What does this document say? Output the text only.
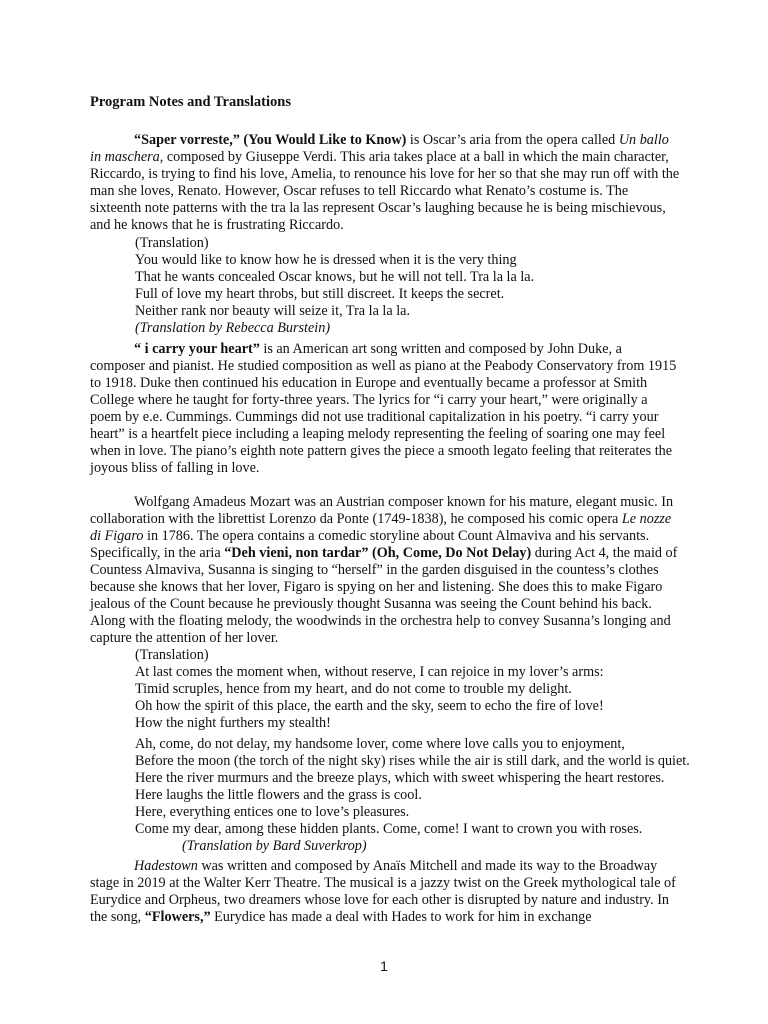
Program Notes and Translations

“Saper vorreste,” (You Would Like to Know) is Oscar’s aria from the opera called Un ballo in maschera, composed by Giuseppe Verdi. This aria takes place at a ball in which the main character, Riccardo, is trying to find his love, Amelia, to renounce his love for her so that she may run off with the man she loves, Renato. However, Oscar refuses to tell Riccardo what Renato’s costume is. The sixteenth note patterns with the tra la las represent Oscar’s laughing because he is being mischievous, and he knows that he is frustrating Riccardo.

(Translation)
You would like to know how he is dressed when it is the very thing
That he wants concealed Oscar knows, but he will not tell. Tra la la la.
Full of love my heart throbs, but still discreet. It keeps the secret.
Neither rank nor beauty will seize it, Tra la la la.
(Translation by Rebecca Burstein)

“ i carry your heart” is an American art song written and composed by John Duke, a composer and pianist. He studied composition as well as piano at the Peabody Conservatory from 1915 to 1918. Duke then continued his education in Europe and eventually became a professor at Smith College where he taught for forty-three years. The lyrics for “i carry your heart,” were originally a poem by e.e. Cummings. Cummings did not use traditional capitalization in his poetry. “i carry your heart” is a heartfelt piece including a leaping melody representing the feeling of soaring one may feel when in love. The piano’s eighth note pattern gives the piece a smooth legato feeling that reiterates the joyous bliss of falling in love.

Wolfgang Amadeus Mozart was an Austrian composer known for his mature, elegant music. In collaboration with the librettist Lorenzo da Ponte (1749-1838), he composed his comic opera Le nozze di Figaro in 1786. The opera contains a comedic storyline about Count Almaviva and his servants. Specifically, in the aria “Deh vieni, non tardar” (Oh, Come, Do Not Delay) during Act 4, the maid of Countess Almaviva, Susanna is singing to “herself” in the garden disguised in the countess’s clothes because she knows that her lover, Figaro is spying on her and listening. She does this to make Figaro jealous of the Count because he previously thought Susanna was seeing the Count behind his back. Along with the floating melody, the woodwinds in the orchestra help to convey Susanna’s longing and capture the attention of her lover.

(Translation)
At last comes the moment when, without reserve, I can rejoice in my lover’s arms:
Timid scruples, hence from my heart, and do not come to trouble my delight.
Oh how the spirit of this place, the earth and the sky, seem to echo the fire of love!
How the night furthers my stealth!
Ah, come, do not delay, my handsome lover, come where love calls you to enjoyment,
Before the moon (the torch of the night sky) rises while the air is still dark, and the world is quiet.
Here the river murmurs and the breeze plays, which with sweet whispering the heart restores.
Here laughs the little flowers and the grass is cool.
Here, everything entices one to love’s pleasures.
Come my dear, among these hidden plants. Come, come! I want to crown you with roses.
(Translation by Bard Suverkrop)

Hadestown was written and composed by Anaïs Mitchell and made its way to the Broadway stage in 2019 at the Walter Kerr Theatre. The musical is a jazzy twist on the Greek mythological tale of Eurydice and Orpheus, two dreamers whose love for each other is disrupted by nature and industry. In the song, “Flowers,” Eurydice has made a deal with Hades to work for him in exchange

1
